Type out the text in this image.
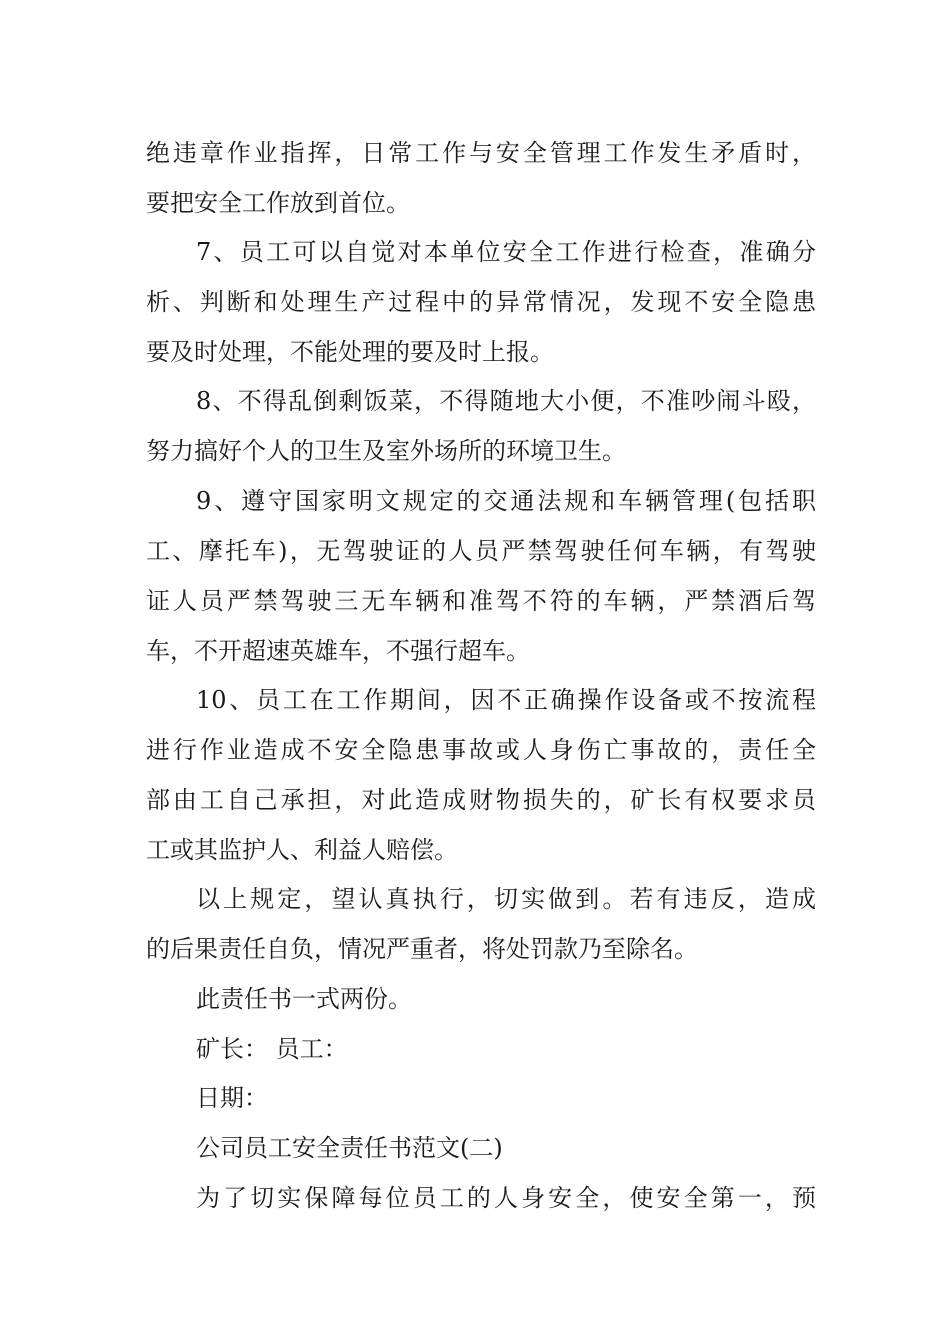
绝违章作业指挥，日常工作与安全管理工作发生矛盾时，
要把安全工作放到首位。
7、员工可以自觉对本单位安全工作进行检查，准确分
析、判断和处理生产过程中的异常情况，发现不安全隐患
要及时处理，不能处理的要及时上报。
8、不得乱倒剩饭菜，不得随地大小便，不准吵闹斗殴，
努力搞好个人的卫生及室外场所的环境卫生。
9、遵守国家明文规定的交通法规和车辆管理(包括职
工、摩托车)，无驾驶证的人员严禁驾驶任何车辆，有驾驶
证人员严禁驾驶三无车辆和准驾不符的车辆，严禁酒后驾
车，不开超速英雄车，不强行超车。
10、员工在工作期间，因不正确操作设备或不按流程
进行作业造成不安全隐患事故或人身伤亡事故的，责任全
部由工自己承担，对此造成财物损失的，矿长有权要求员
工或其监护人、利益人赔偿。
以上规定，望认真执行，切实做到。若有违反，造成
的后果责任自负，情况严重者，将处罚款乃至除名。
此责任书一式两份。
矿长： 员工：
日期：
公司员工安全责任书范文(二)
为了切实保障每位员工的人身安全，使安全第一，预
